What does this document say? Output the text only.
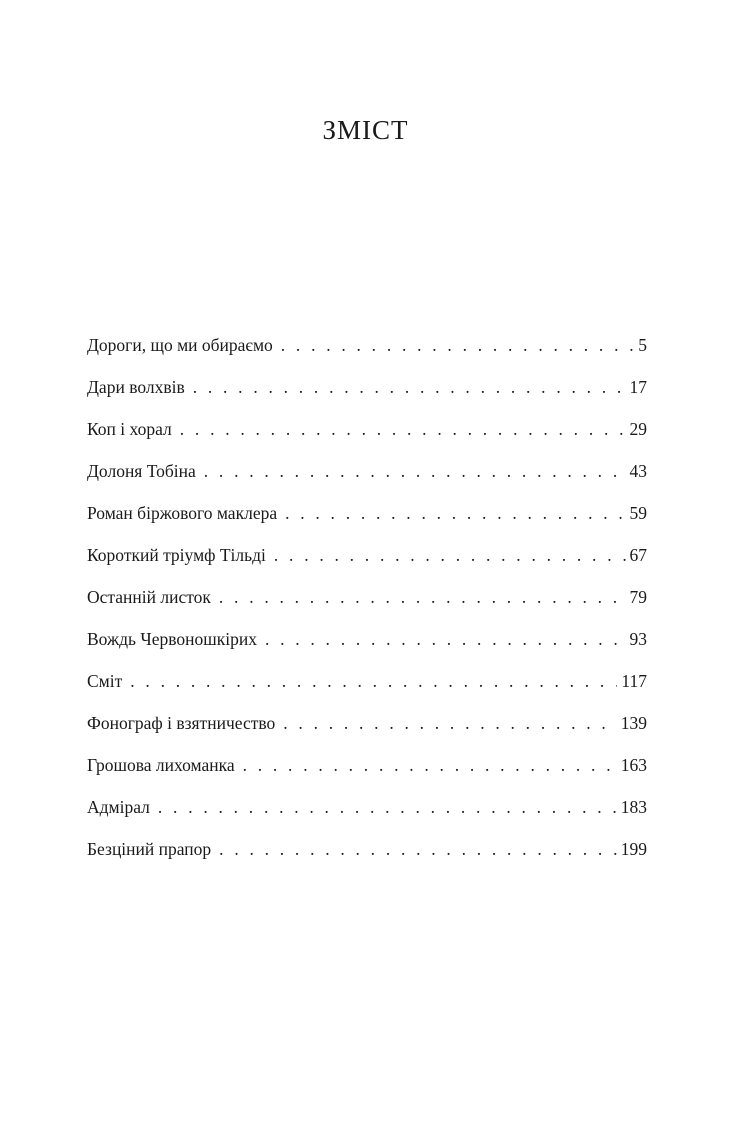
ЗМІСТ
Дороги, що ми обираємо . . .	5
Дари волхвів . . .	17
Коп і хорал . . .	29
Долоня Тобіна . . .	43
Роман біржового маклера . . .	59
Короткий тріумф Тільді . . .	67
Останній листок . . .	79
Вождь Червоношкірих . . .	93
Сміт . . .	117
Фонограф і взятничество . . .	139
Грошова лихоманка . . .	163
Адмірал . . .	183
Безціний прапор . . .	199
